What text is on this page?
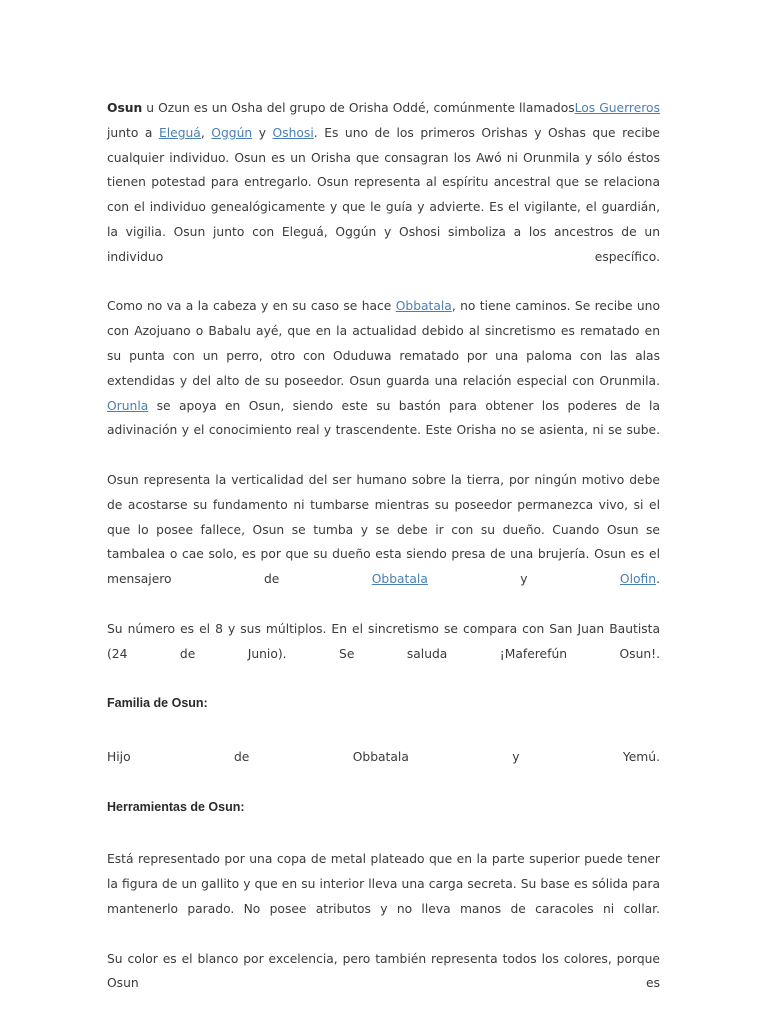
Osun u Ozun es un Osha del grupo de Orisha Oddé, comúnmente llamadosLos Guerreros junto a Eleguá, Oggún y Oshosi. Es uno de los primeros Orishas y Oshas que recibe cualquier individuo. Osun es un Orisha que consagran los Awó ni Orunmila y sólo éstos tienen potestad para entregarlo. Osun representa al espíritu ancestral que se relaciona con el individuo genealógicamente y que le guía y advierte. Es el vigilante, el guardián, la vigilia. Osun junto con Eleguá, Oggún y Oshosi simboliza a los ancestros de un individuo específico.

Como no va a la cabeza y en su caso se hace Obbatala, no tiene caminos. Se recibe uno con Azojuano o Babalu ayé, que en la actualidad debido al sincretismo es rematado en su punta con un perro, otro con Oduduwa rematado por una paloma con las alas extendidas y del alto de su poseedor. Osun guarda una relación especial con Orunmila. Orunla se apoya en Osun, siendo este su bastón para obtener los poderes de la adivinación y el conocimiento real y trascendente. Este Orisha no se asienta, ni se sube.

Osun representa la verticalidad del ser humano sobre la tierra, por ningún motivo debe de acostarse su fundamento ni tumbarse mientras su poseedor permanezca vivo, si el que lo posee fallece, Osun se tumba y se debe ir con su dueño. Cuando Osun se tambalea o cae solo, es por que su dueño esta siendo presa de una brujería. Osun es el mensajero de Obbatala y Olofin.

Su número es el 8 y sus múltiplos. En el sincretismo se compara con San Juan Bautista (24 de Junio). Se saluda ¡Maferefún Osun!.

Familia de Osun:

Hijo de Obbatala y Yemú.

Herramientas de Osun:

Está representado por una copa de metal plateado que en la parte superior puede tener la figura de un gallito y que en su interior lleva una carga secreta. Su base es sólida para mantenerlo parado. No posee atributos y no lleva manos de caracoles ni collar.

Su color es el blanco por excelencia, pero también representa todos los colores, porque Osun es
